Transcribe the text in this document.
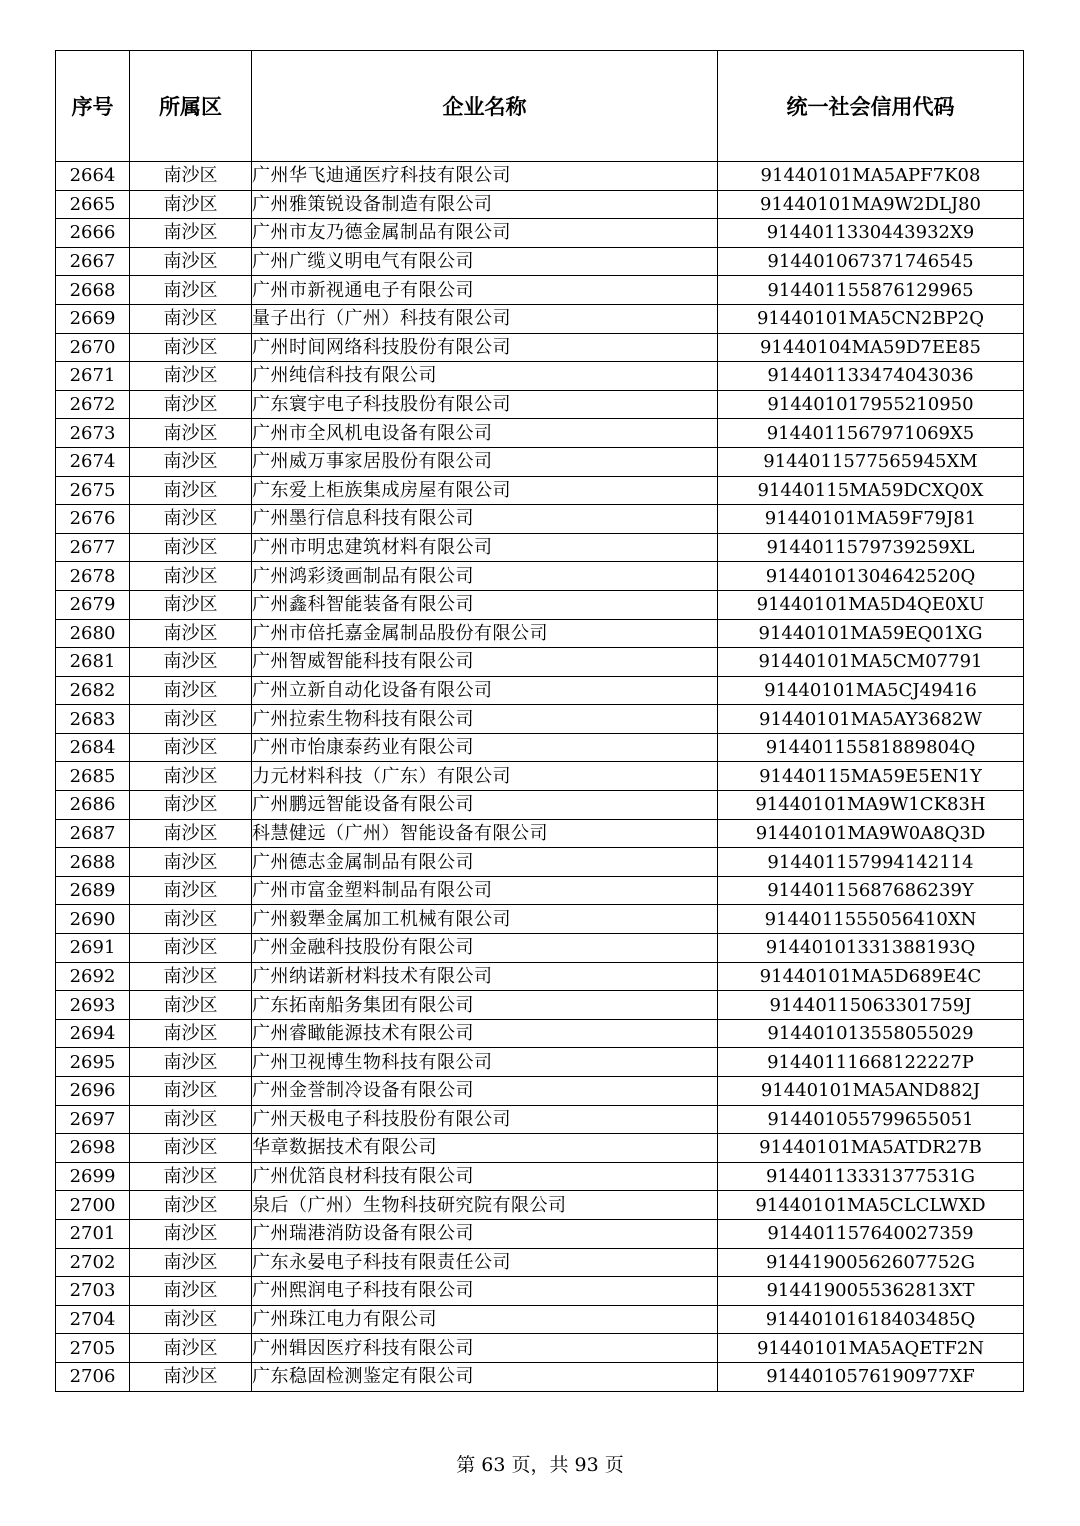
序号	所属区	企业名称	统一社会信用代码
2664	南沙区	广州华飞迪通医疗科技有限公司	91440101MA5APF7K08
2665	南沙区	广州雅策锐设备制造有限公司	91440101MA9W2DLJ80
2666	南沙区	广州市友乃德金属制品有限公司	9144011330443932X9
2667	南沙区	广州广缆义明电气有限公司	914401067371746545
2668	南沙区	广州市新视通电子有限公司	914401155876129965
2669	南沙区	量子出行（广州）科技有限公司	91440101MA5CN2BP2Q
2670	南沙区	广州时间网络科技股份有限公司	91440104MA59D7EE85
2671	南沙区	广州纯信科技有限公司	914401133474043036
2672	南沙区	广东寰宇电子科技股份有限公司	914401017955210950
2673	南沙区	广州市全风机电设备有限公司	9144011567971069X5
2674	南沙区	广州威万事家居股份有限公司	9144011577565945XM
2675	南沙区	广东爱上柜族集成房屋有限公司	91440115MA59DCXQ0X
2676	南沙区	广州墨行信息科技有限公司	91440101MA59F79J81
2677	南沙区	广州市明忠建筑材料有限公司	9144011579739259XL
2678	南沙区	广州鸿彩烫画制品有限公司	91440101304642520Q
2679	南沙区	广州鑫科智能装备有限公司	91440101MA5D4QE0XU
2680	南沙区	广州市倍托嘉金属制品股份有限公司	91440101MA59EQ01XG
2681	南沙区	广州智威智能科技有限公司	91440101MA5CM07791
2682	南沙区	广州立新自动化设备有限公司	91440101MA5CJ49416
2683	南沙区	广州拉索生物科技有限公司	91440101MA5AY3682W
2684	南沙区	广州市怡康泰药业有限公司	91440115581889804Q
2685	南沙区	力元材料科技（广东）有限公司	91440115MA59E5EN1Y
2686	南沙区	广州鹏远智能设备有限公司	91440101MA9W1CK83H
2687	南沙区	科慧健远（广州）智能设备有限公司	91440101MA9W0A8Q3D
2688	南沙区	广州德志金属制品有限公司	914401157994142114
2689	南沙区	广州市富金塑料制品有限公司	91440115687686239Y
2690	南沙区	广州毅犟金属加工机械有限公司	9144011555056410XN
2691	南沙区	广州金融科技股份有限公司	91440101331388193Q
2692	南沙区	广州纳诺新材料技术有限公司	91440101MA5D689E4C
2693	南沙区	广东拓南船务集团有限公司	91440115063301759J
2694	南沙区	广州睿瞰能源技术有限公司	914401013558055029
2695	南沙区	广州卫视博生物科技有限公司	91440111668122227P
2696	南沙区	广州金誉制冷设备有限公司	91440101MA5AND882J
2697	南沙区	广州天极电子科技股份有限公司	914401055799655051
2698	南沙区	华章数据技术有限公司	91440101MA5ATDR27B
2699	南沙区	广州优箔良材科技有限公司	91440113331377531G
2700	南沙区	泉后（广州）生物科技研究院有限公司	91440101MA5CLCLWXD
2701	南沙区	广州瑞港消防设备有限公司	914401157640027359
2702	南沙区	广东永晏电子科技有限责任公司	91441900562607752G
2703	南沙区	广州熙润电子科技有限公司	9144190055362813XT
2704	南沙区	广州珠江电力有限公司	91440101618403485Q
2705	南沙区	广州辑因医疗科技有限公司	91440101MA5AQETF2N
2706	南沙区	广东稳固检测鉴定有限公司	9144010576190977XF
第 63 页，共 93 页
